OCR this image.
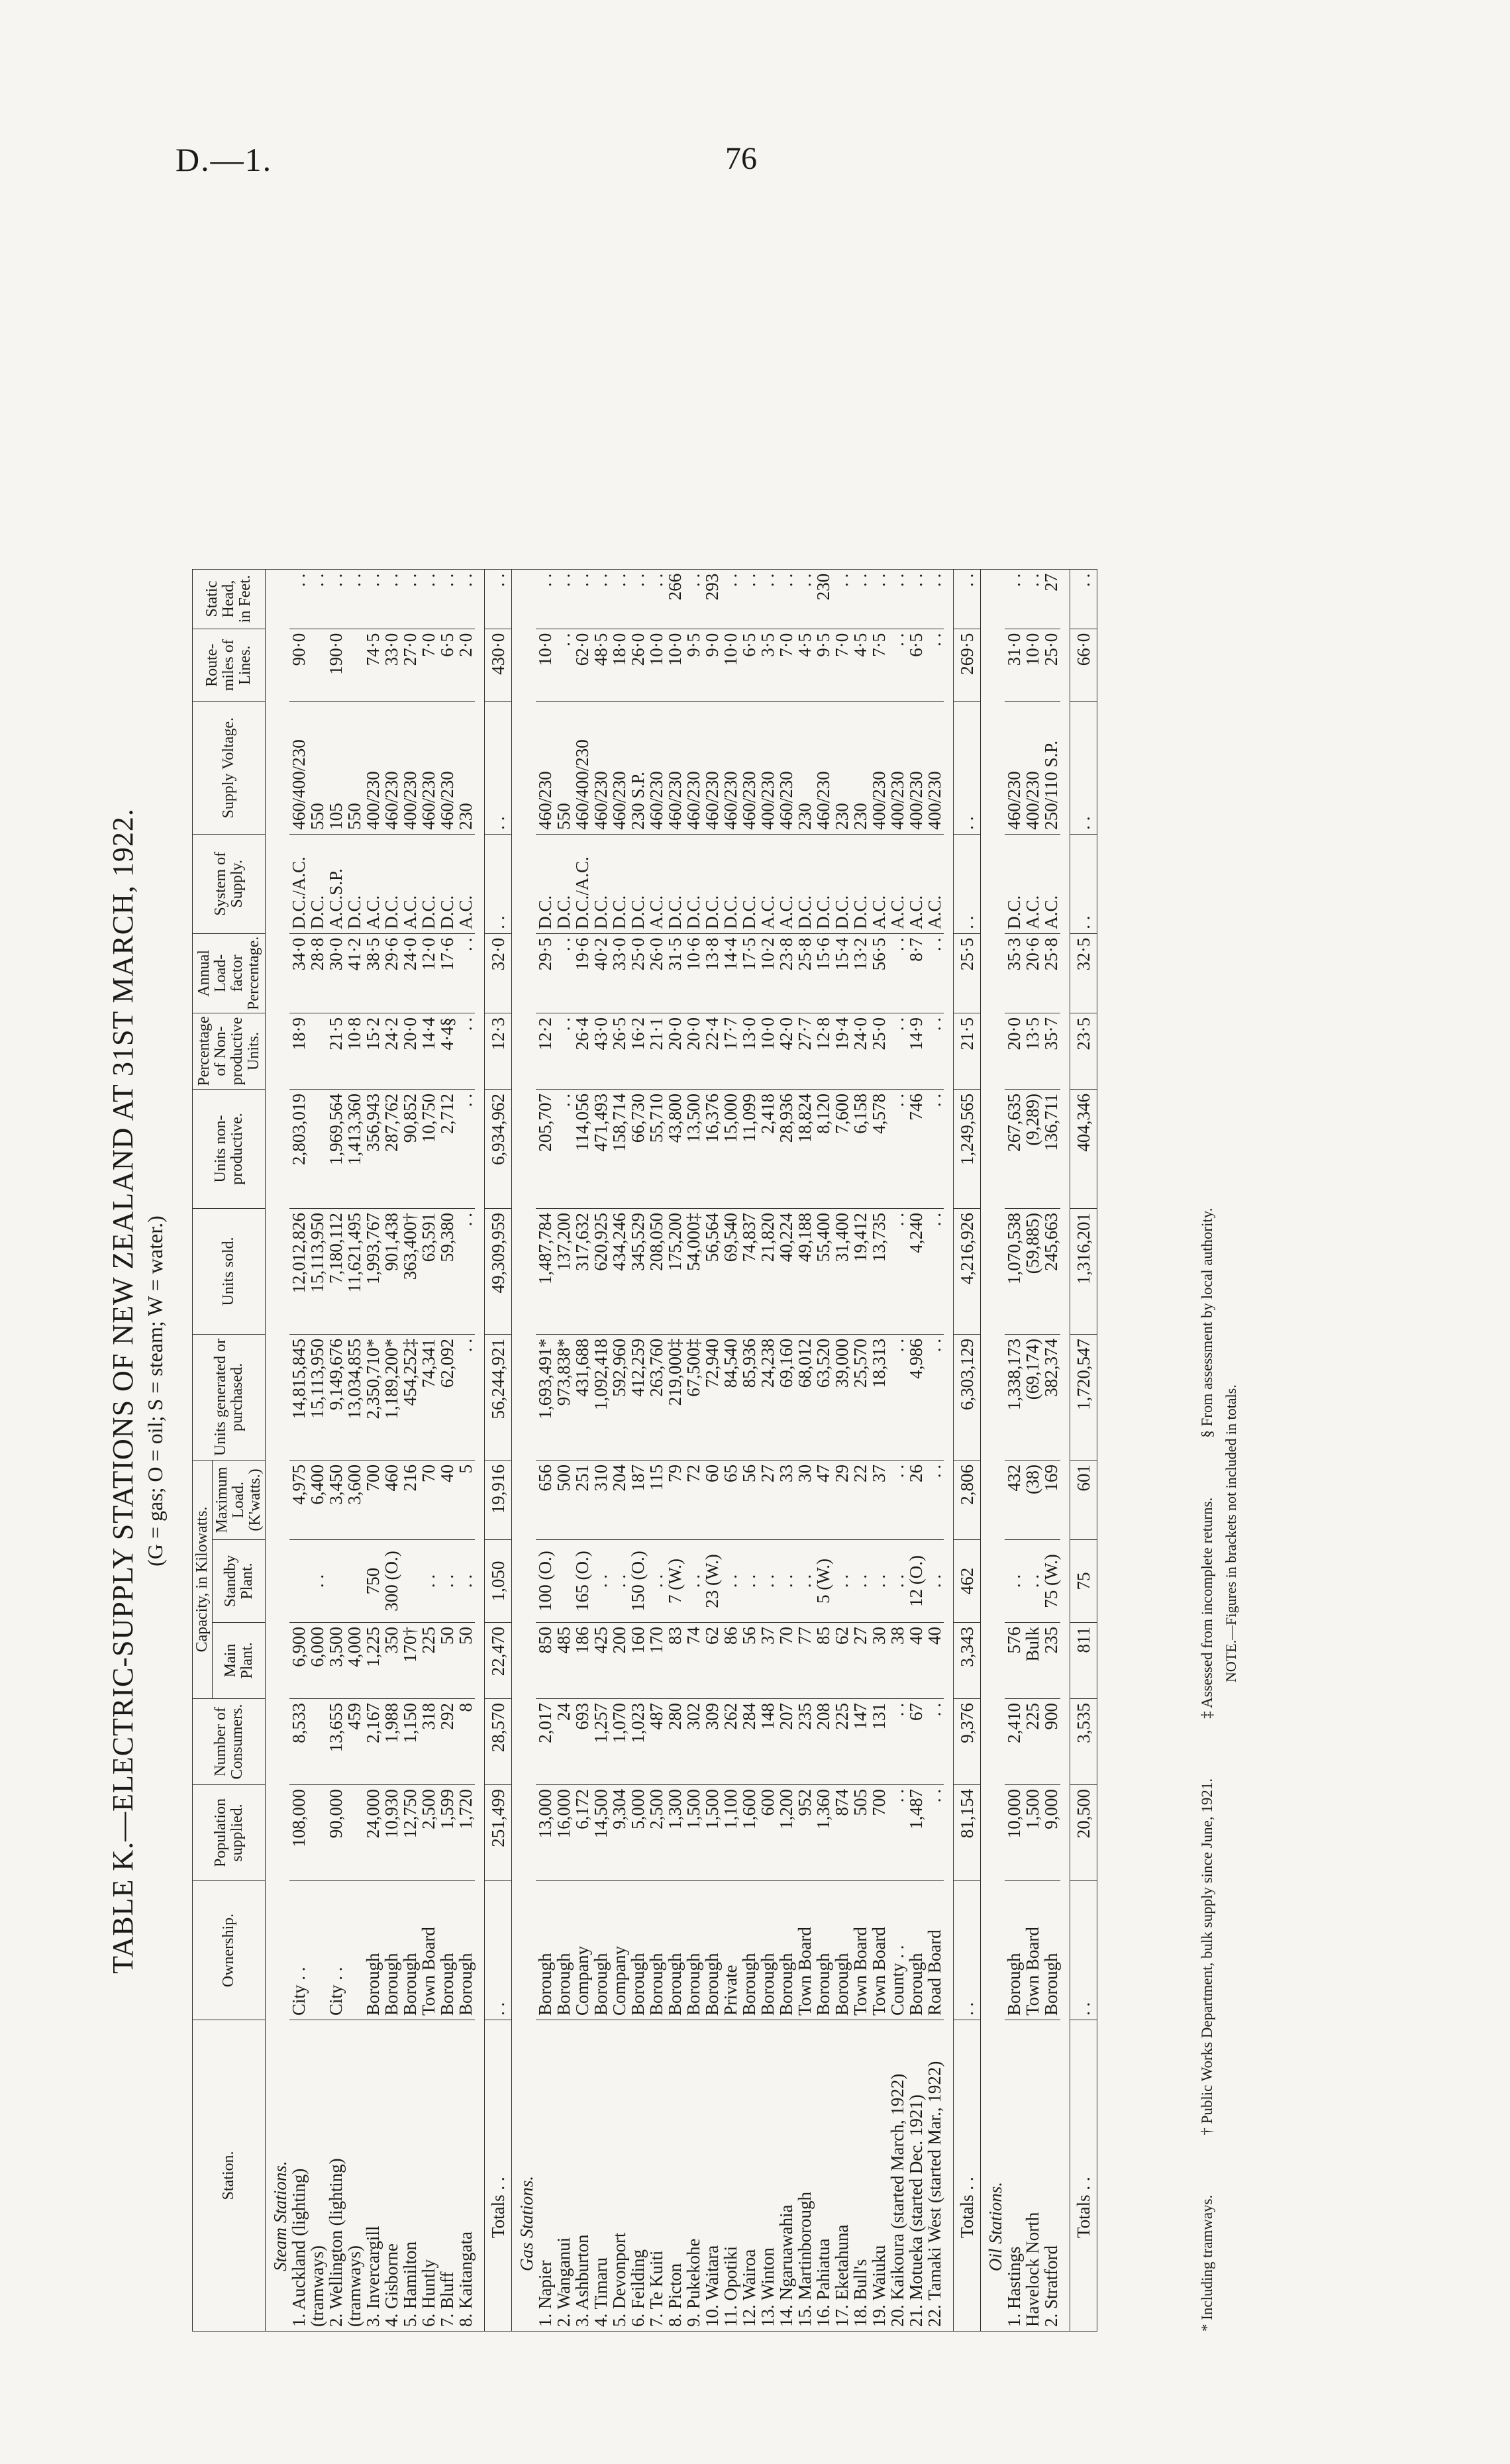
D.—1.	76
TABLE K.—ELECTRIC-SUPPLY STATIONS OF NEW ZEALAND AT 31ST MARCH, 1922. (G = gas; O = oil; S = steam; W = water.)
Station.	Ownership.	Population supplied.	Number of Consumers.	Capacity, in Kilowatts.			Units generated or purchased.	Units sold.	Units non-productive.	Percentage of Non-productive Units.	Annual Load-factor Percentage.	System of Supply.	Supply Voltage.	Route-miles of Lines.	Static Head, in Feet.
				Main Plant.	Standby Plant.	Maximum Load. (K'watts.)									
Steam Stations.															
1. Auckland (lighting)	City . .	108,000	8,533	6,900		4,975	14,815,845	12,012,826	2,803,019	18·9	34·0	D.C./A.C.	460/400/230	90·0	. .
(tramways)				6,000	. .	6,400	15,113,950	15,113,950			28·8	D.C.	550		. .
2. Wellington (lighting)	City . .	90,000	13,655	3,500		3,450	9,149,676	7,180,112	1,969,564	21·5	30·0	A.C.S.P.	105	190·0	. .
(tramways)			459	4,000		3,600	13,034,855	11,621,495	1,413,360	10·8	41·2	D.C.	550		. .
3. Invercargill	Borough	24,000	2,167	1,225	750	700	2,350,710*	1,993,767	356,943	15·2	38·5	A.C.	400/230	74·5	. .
4. Gisborne	Borough	10,930	1,988	350	300 (O.)	460	1,189,200*	901,438	287,762	24·2	29·6	D.C.	460/230	33·0	. .
5. Hamilton	Borough	12,750	1,150	170†		216	454,252‡	363,400†	90,852	20·0	24·0	A.C.	400/230	27·0	. .
6. Huntly	Town Board	2,500	318	225	. .	70	74,341	63,591	10,750	14·4	12·0	D.C.	460/230	7·0	. .
7. Bluff	Borough	1,599	292	50	. .	40	62,092	59,380	2,712	4·4§	17·6	D.C.	460/230	6·5	. .
8. Kaitangata	Borough	1,720	8	50	. .	5	. .	. .	. .	. .	. .	A.C.	230	2·0	. .

Totals . .	. .	251,499	28,570	22,470	1,050	19,916	56,244,921	49,309,959	6,934,962	12·3	32·0	. .	. .	430·0	. .
Gas Stations.															
1. Napier	Borough	13,000	2,017	850	100 (O.)	656	1,693,491*	1,487,784	205,707	12·2	29·5	D.C.	460/230	10·0	. .
2. Wanganui	Borough	16,000	24	485		500	973,838*	137,200	. .	. .	. .	D.C.	550	. .	. .
3. Ashburton	Company	6,172	693	186	165 (O.)	251	431,688	317,632	114,056	26·4	19·6	D.C./A.C.	460/400/230	62·0	. .
4. Timaru	Borough	14,500	1,257	425	. .	310	1,092,418	620,925	471,493	43·0	40·2	D.C.	460/230	48·5	. .
5. Devonport	Company	9,304	1,070	200	. .	204	592,960	434,246	158,714	26·5	33·0	D.C.	460/230	18·0	. .
6. Feilding	Borough	5,000	1,023	160	150 (O.)	187	412,259	345,529	66,730	16·2	25·0	D.C.	230 S.P.	26·0	. .
7. Te Kuiti	Borough	2,500	487	170	. .	115	263,760	208,050	55,710	21·1	26·0	A.C.	460/230	10·0	. .
8. Picton	Borough	1,300	280	83	7 (W.)	79	219,000‡	175,200	43,800	20·0	31·5	D.C.	460/230	10·0	266
9. Pukekohe	Borough	1,500	302	74	. .	72	67,500‡	54,000‡	13,500	20·0	10·6	D.C.	460/230	9·5	. .
10. Waitara	Borough	1,500	309	62	23 (W.)	60	72,940	56,564	16,376	22·4	13·8	D.C.	460/230	9·0	293
11. Opotiki	Private	1,100	262	86	. .	65	84,540	69,540	15,000	17·7	14·4	D.C.	460/230	10·0	. .
12. Wairoa	Borough	1,600	284	56	. .	56	85,936	74,837	11,099	13·0	17·5	D.C.	460/230	6·5	. .
13. Winton	Borough	600	148	37	. .	27	24,238	21,820	2,418	10·0	10·2	A.C.	400/230	3·5	. .
14. Ngaruawahia	Borough	1,200	207	70	. .	33	69,160	40,224	28,936	42·0	23·8	A.C.	460/230	7·0	. .
15. Martinborough	Town Board	952	235	77	. .	30	68,012	49,188	18,824	27·7	25·8	D.C.	230	4·5	. .
16. Pahiatua	Borough	1,360	208	85	5 (W.)	47	63,520	55,400	8,120	12·8	15·6	D.C.	460/230	9·5	230
17. Eketahuna	Borough	874	225	62	. .	29	39,000	31,400	7,600	19·4	15·4	D.C.	230	7·0	. .
18. Bull's	Town Board	505	147	27	. .	22	25,570	19,412	6,158	24·0	13·2	D.C.	230	4·5	. .
19. Waiuku	Town Board	700	131	30	. .	37	18,313	13,735	4,578	25·0	56·5	A.C.	400/230	7·5	. .
20. Kaikoura (started March, 1922)	County . .	. .	. .	38	. .	. .	. .	. .	. .	. .	. .	A.C.	400/230	. .	. .
21. Motueka (started Dec. 1921)	Borough	1,487	67	40	12 (O.)	26	4,986	4,240	746	14·9	8·7	A.C.	400/230	6·5	. .
22. Tamaki West (started Mar., 1922)	Road Board	. .	. .	40	. .	. .	. .	. .	. .	. .	. .	A.C.	400/230	. .	. .

Totals . .	. .	81,154	9,376	3,343	462	2,806	6,303,129	4,216,926	1,249,565	21·5	25·5	. .	. .	269·5	. .
Oil Stations.															
1. Hastings	Borough	10,000	2,410	576	. .	432	1,338,173	1,070,538	267,635	20·0	35·3	D.C.	460/230	31·0	. .
Havelock North	Town Board	1,500	225	Bulk	. .	(38)	(69,174)	(59,885)	(9,289)	13·5	20·6	A.C.	400/230	10·0	. .
2. Stratford	Borough	9,000	900	235	75 (W.)	169	382,374	245,663	136,711	35·7	25·8	A.C.	250/110 S.P.	25·0	27

Totals . .	. .	20,500	3,535	811	75	601	1,720,547	1,316,201	404,346	23·5	32·5	. .	. .	66·0	. .
* Including tramways.† Public Works Department, bulk supply since June, 1921.‡ Assessed from incomplete returns.§ From assessment by local authority.
NOTE.—Figures in brackets not included in totals.
